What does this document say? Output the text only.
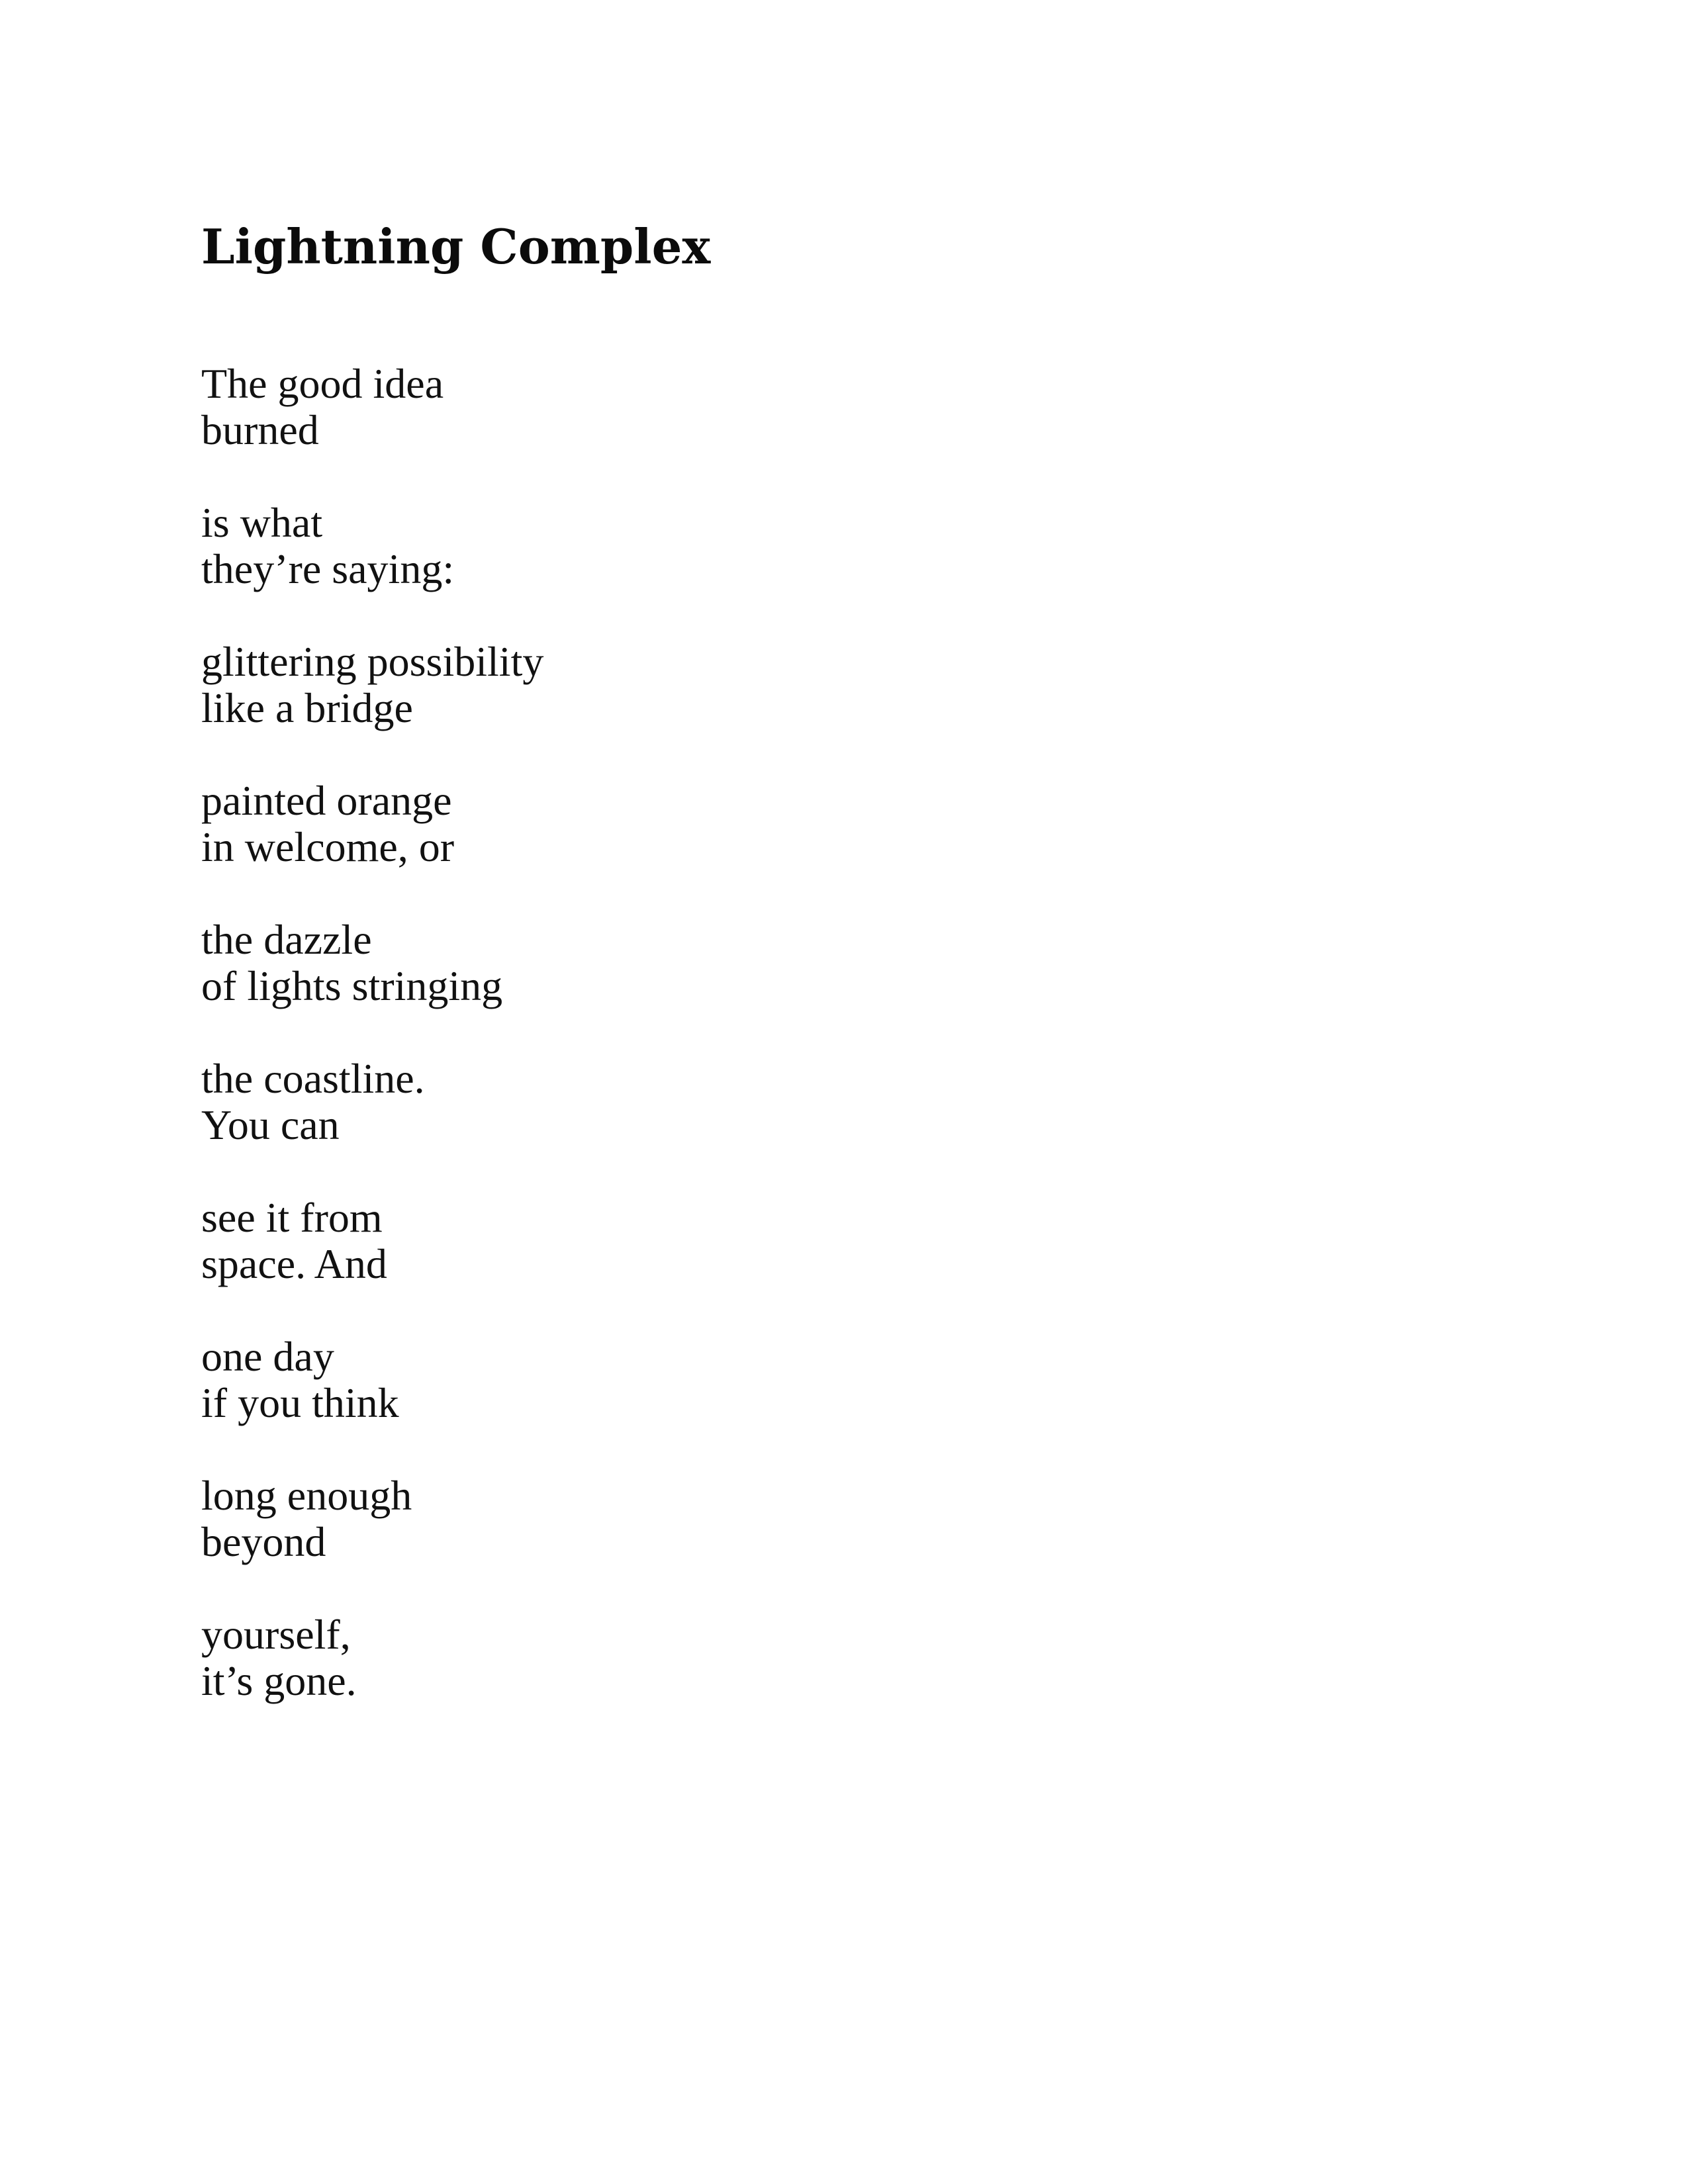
Lightning Complex
The good idea
burned
is what
they’re saying:
glittering possibility
like a bridge
painted orange
in welcome, or
the dazzle
of lights stringing
the coastline.
You can
see it from
space. And
one day
if you think
long enough
beyond
yourself,
it’s gone.
